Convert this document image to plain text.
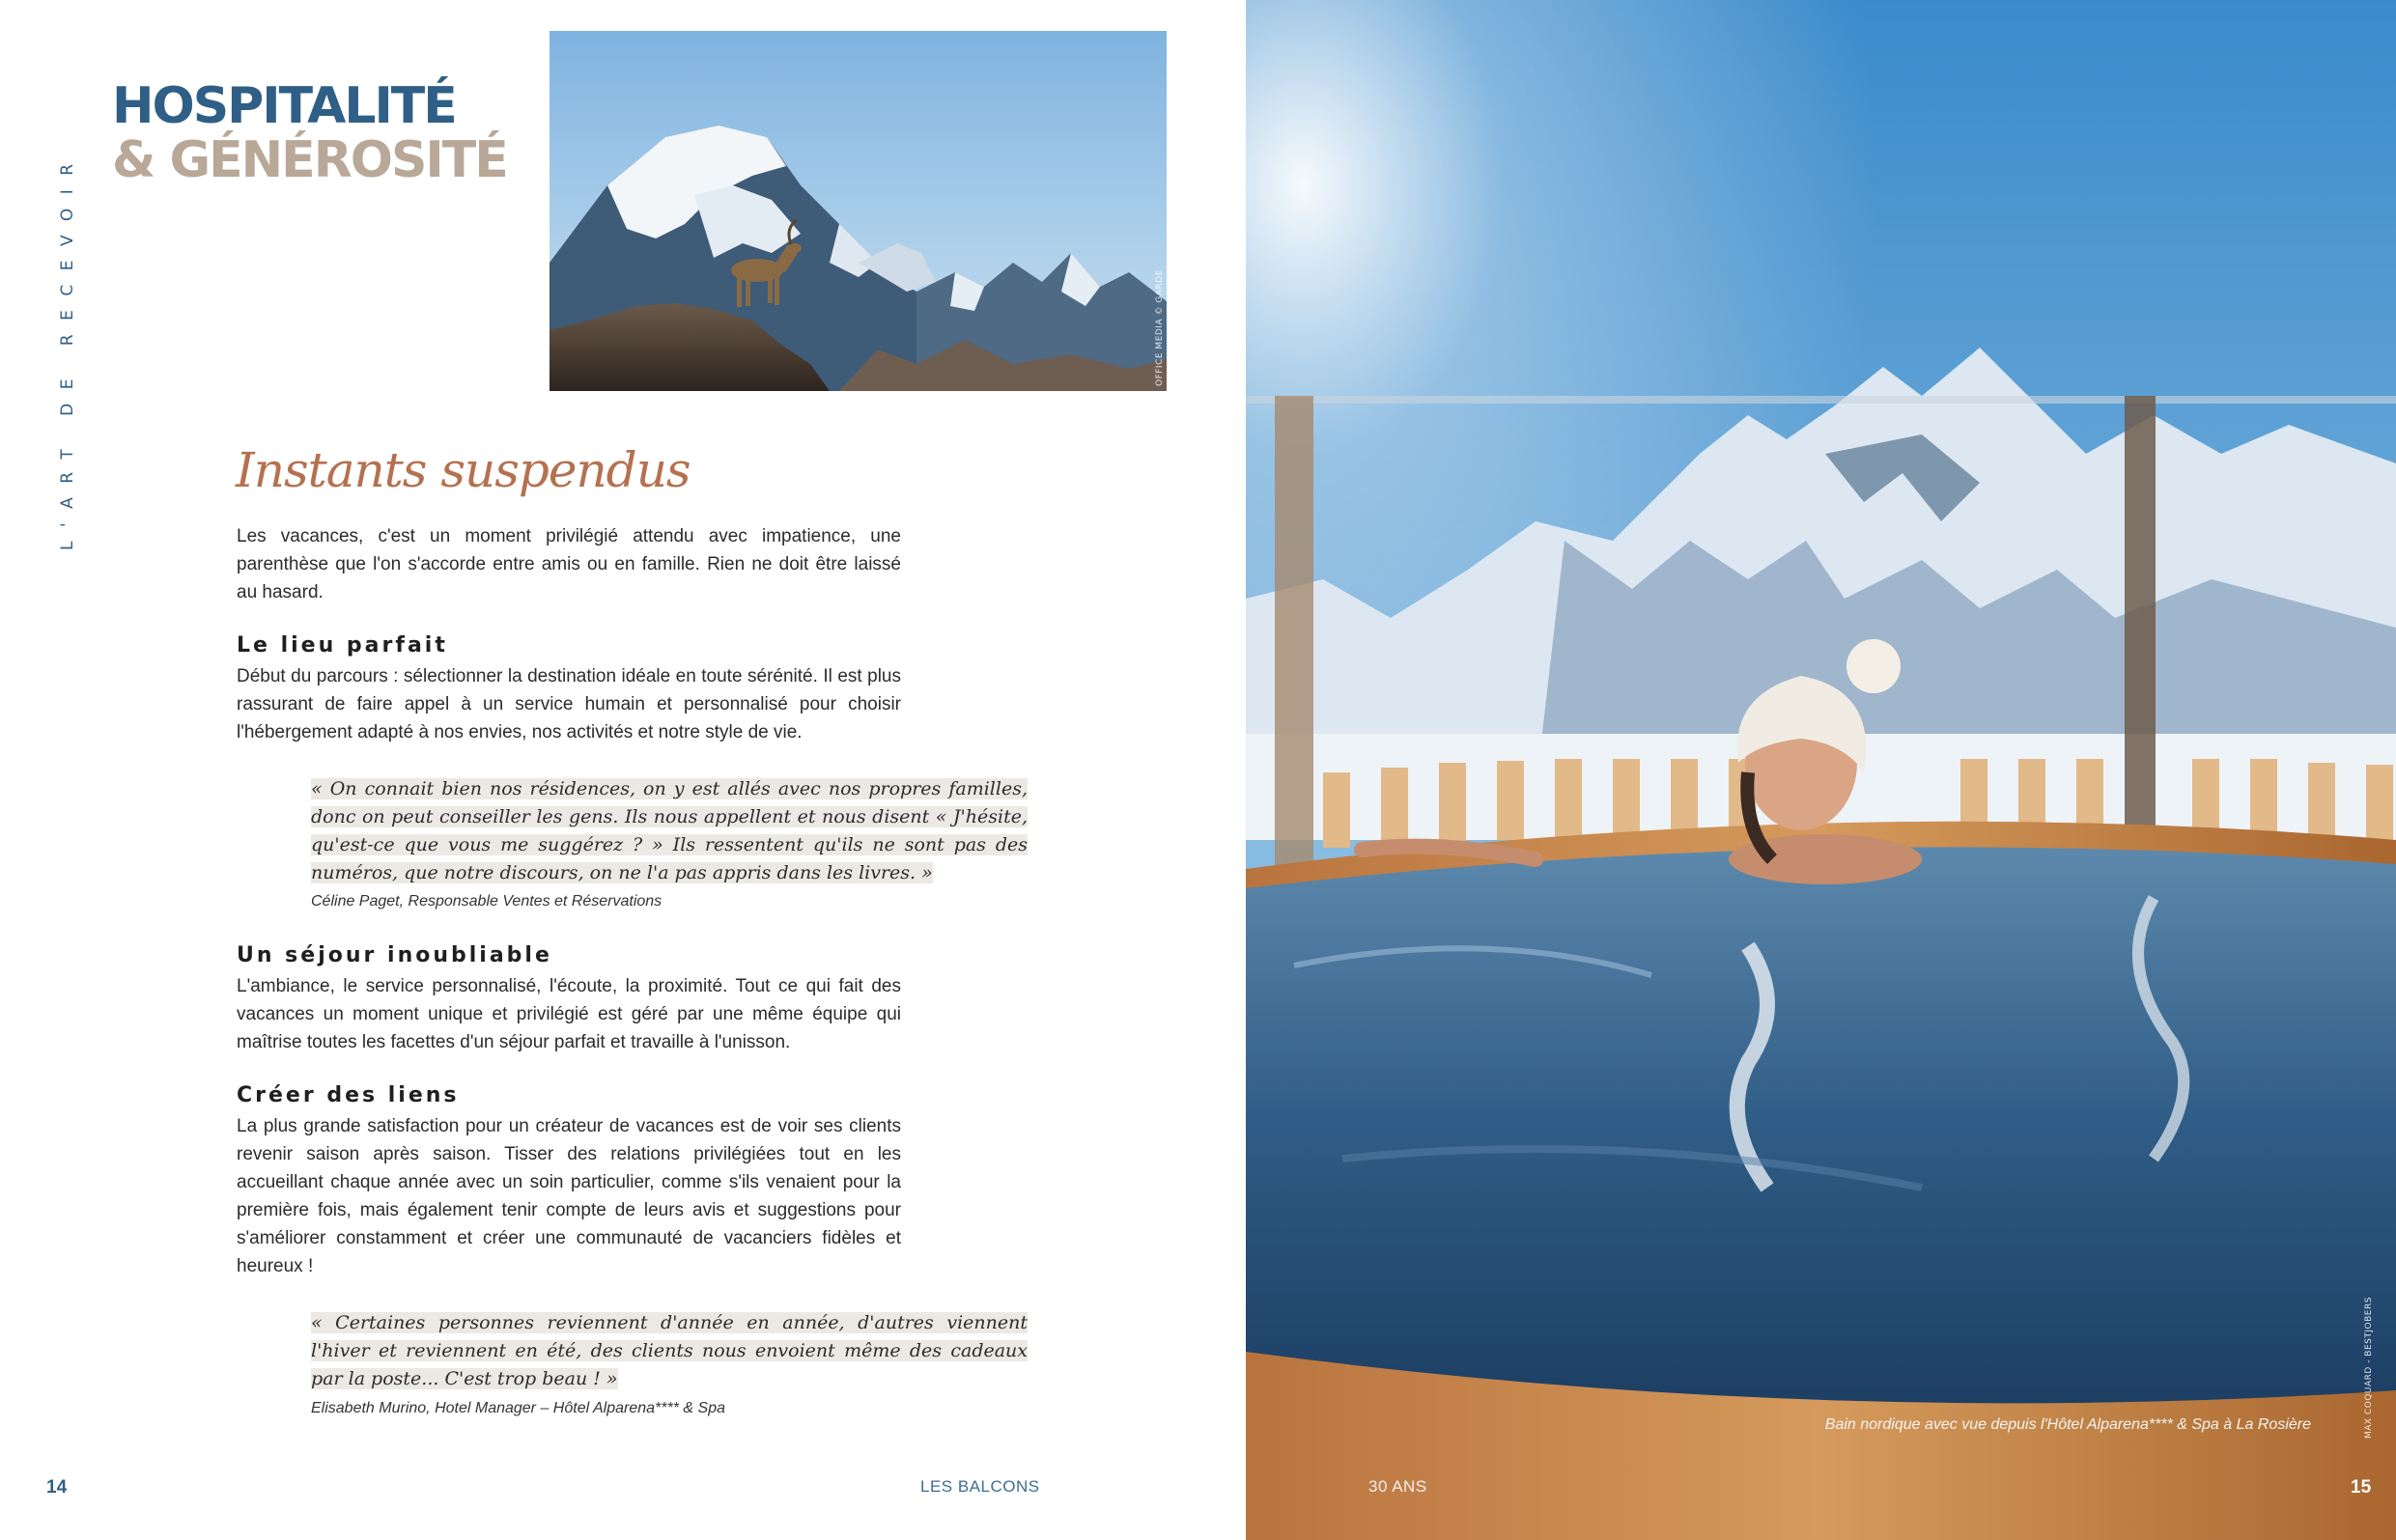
L'ART DE RECEVOIR
HOSPITALITÉ
& GÉNÉROSITÉ
OFFICE MEDIA © GARDE
Instants suspendus

Les vacances, c'est un moment privilégié attendu avec impatience, une parenthèse que l'on s'accorde entre amis ou en famille. Rien ne doit être laissé au hasard.

Le lieu parfait

Début du parcours : sélectionner la destination idéale en toute sérénité. Il est plus rassurant de faire appel à un service humain et personnalisé pour choisir l'hébergement adapté à nos envies, nos activités et notre style de vie.

« On connait bien nos résidences, on y est allés avec nos propres familles, donc on peut conseiller les gens. Ils nous appellent et nous disent « J'hésite, qu'est-ce que vous me suggérez ? » Ils ressentent qu'ils ne sont pas des numéros, que notre discours, on ne l'a pas appris dans les livres. »

Céline Paget, Responsable Ventes et Réservations

Un séjour inoubliable

L'ambiance, le service personnalisé, l'écoute, la proximité. Tout ce qui fait des vacances un moment unique et privilégié est géré par une même équipe qui maîtrise toutes les facettes d'un séjour parfait et travaille à l'unisson.

Créer des liens

La plus grande satisfaction pour un créateur de vacances est de voir ses clients revenir saison après saison. Tisser des relations privilégiées tout en les accueillant chaque année avec un soin particulier, comme s'ils venaient pour la première fois, mais également tenir compte de leurs avis et suggestions pour s'améliorer constamment et créer une communauté de vacanciers fidèles et heureux !

« Certaines personnes reviennent d'année en année, d'autres viennent l'hiver et reviennent en été, des clients nous envoient même des cadeaux par la poste... C'est trop beau ! »

Elisabeth Murino, Hotel Manager – Hôtel Alparena**** & Spa

14	LES BALCONS
MAX COQUARD - BESTJOBERS
Bain nordique avec vue depuis l'Hôtel Alparena**** & Spa à La Rosière
30 ANS	15
